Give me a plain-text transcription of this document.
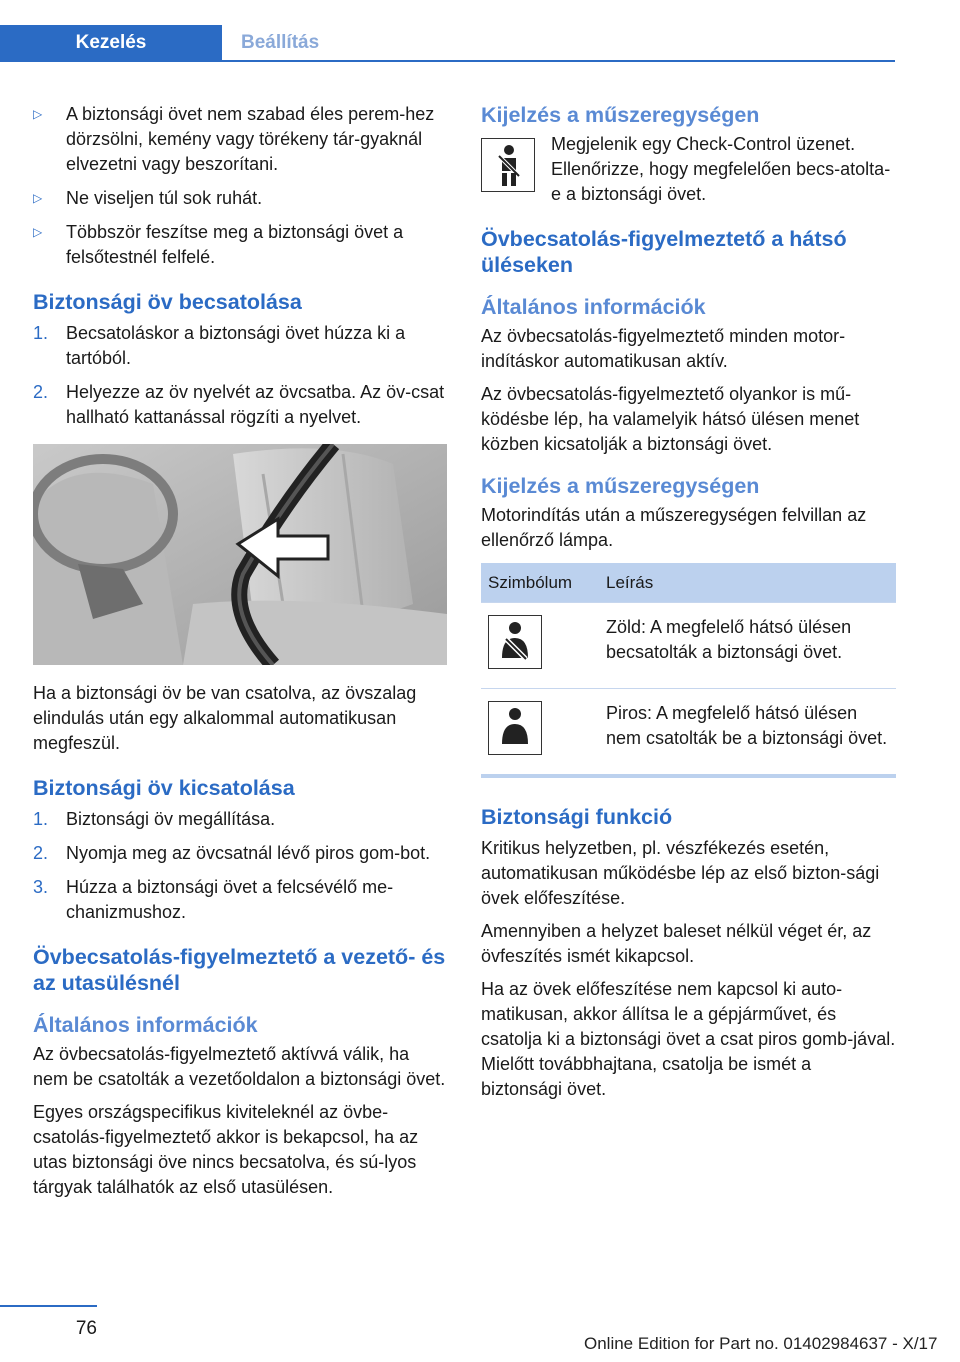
Kezelés	Beállítás
▷ A biztonsági övet nem szabad éles perem-hez dörzsölni, kemény vagy törékeny tár-gyaknál elvezetni vagy beszorítani.
▷ Ne viseljen túl sok ruhát.
▷ Többször feszítse meg a biztonsági övet a felsőtestnél felfelé.
Biztonsági öv becsatolása
1. Becsatoláskor a biztonsági övet húzza ki a tartóból.
2. Helyezze az öv nyelvét az övcsatba. Az öv-csat hallható kattanással rögzíti a nyelvet.

Ha a biztonsági öv be van csatolva, az övszalag elindulás után egy alkalommal automatikusan megfeszül.

Biztonsági öv kicsatolása
1. Biztonsági öv megállítása.
2. Nyomja meg az övcsatnál lévő piros gom-bot.
3. Húzza a biztonsági övet a felcsévélő me-chanizmushoz.
Övbecsatolás-figyelmeztető a vezető- és az utasülésnél
Általános információk

Az övbecsatolás-figyelmeztető aktívvá válik, ha nem be csatolták a vezetőoldalon a biztonsági övet.

Egyes országspecifikus kiviteleknél az övbe-csatolás-figyelmeztető akkor is bekapcsol, ha az utas biztonsági öve nincs becsatolva, és sú-lyos tárgyak találhatók az első utasülésen.

Kijelzés a műszeregységen

Megjelenik egy Check-Control üzenet. Ellenőrizze, hogy megfelelően becs-atolta-e a biztonsági övet.

Övbecsatolás-figyelmeztető a hátsó üléseken
Általános információk

Az övbecsatolás-figyelmeztető minden motor-indításkor automatikusan aktív.

Az övbecsatolás-figyelmeztető olyankor is mű-ködésbe lép, ha valamelyik hátsó ülésen menet közben kicsatolják a biztonsági övet.

Kijelzés a műszeregységen

Motorindítás után a műszeregységen felvillan az ellenőrző lámpa.

Szimbólum	Leírás
	Zöld: A megfelelő hátsó ülésen becsatolták a biztonsági övet.
	Piros: A megfelelő hátsó ülésen nem csatolták be a biztonsági övet.
Biztonsági funkció

Kritikus helyzetben, pl. vészfékezés esetén, automatikusan működésbe lép az első bizton-sági övek előfeszítése.

Amennyiben a helyzet baleset nélkül véget ér, az övfeszítés ismét kikapcsol.

Ha az övek előfeszítése nem kapcsol ki auto-matikusan, akkor állítsa le a gépjárművet, és csatolja ki a biztonsági övet a csat piros gomb-jával. Mielőtt továbbhajtana, csatolja be ismét a biztonsági övet.

76
Online Edition for Part no. 01402984637 - X/17
